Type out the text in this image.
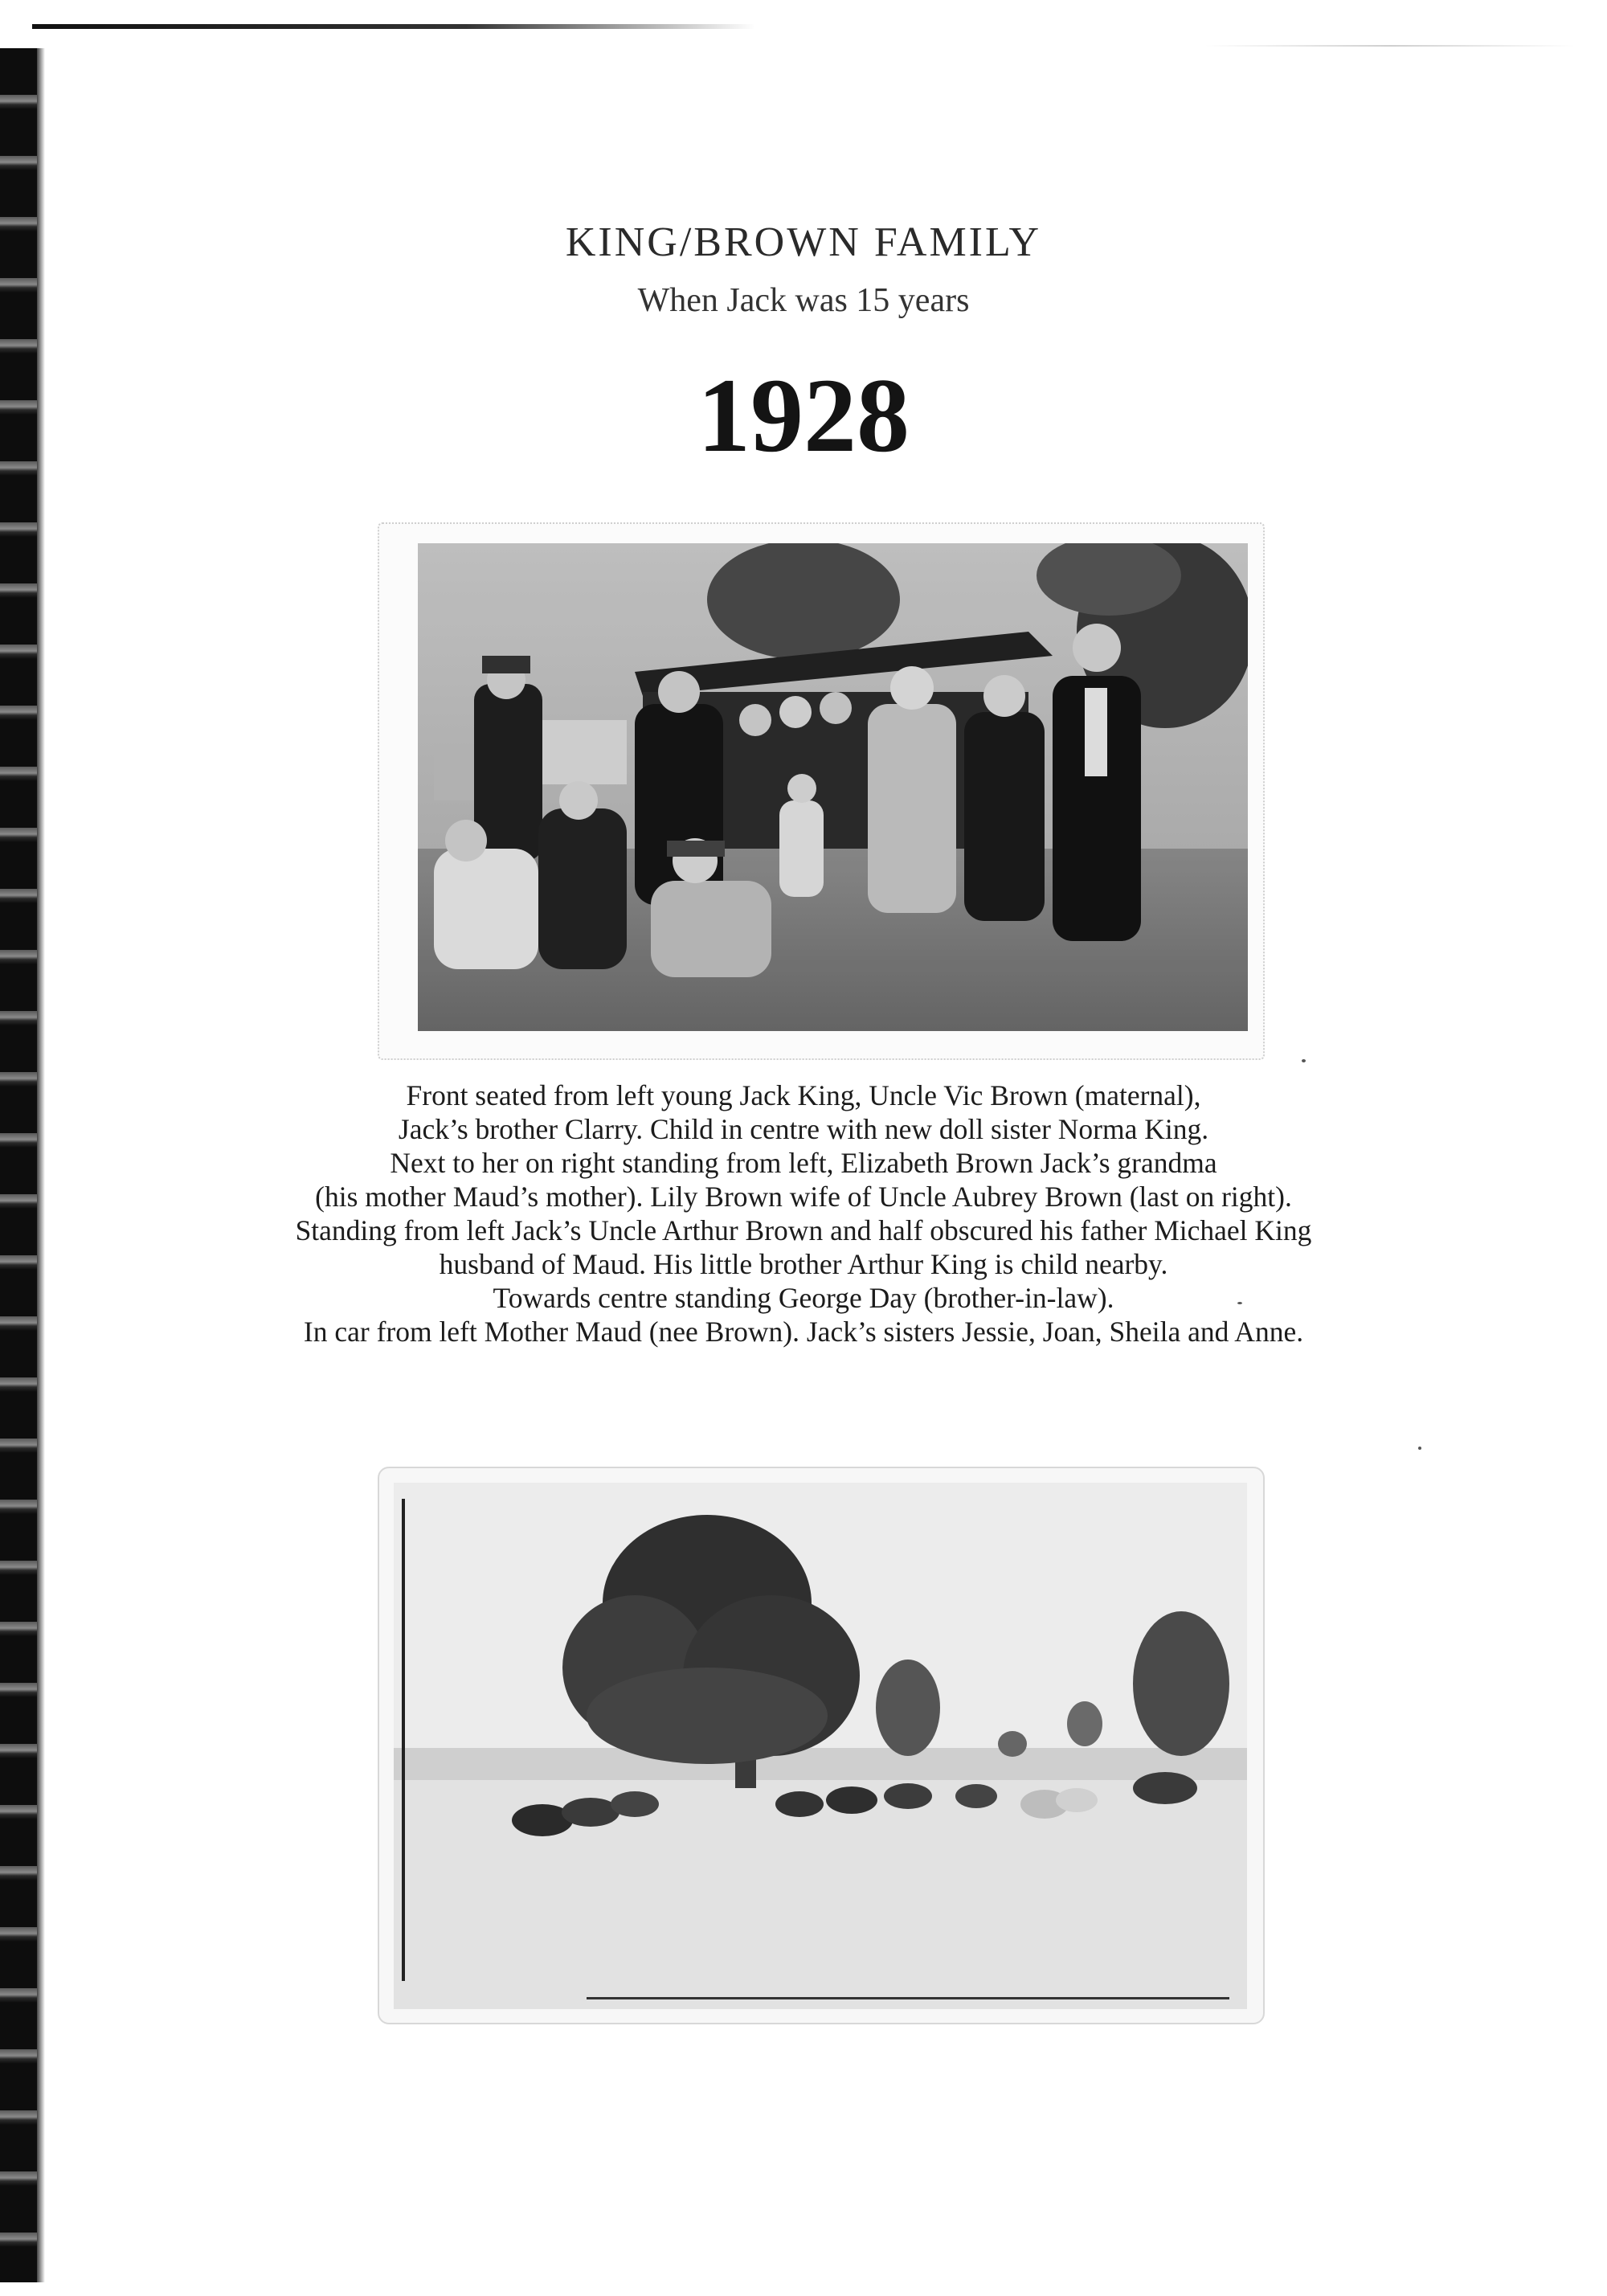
KING/BROWN FAMILY
When Jack was 15 years
1928
Front seated from left young Jack King, Uncle Vic Brown (maternal),
Jack’s brother Clarry. Child in centre with new doll sister Norma King.
Next to her on right standing from left, Elizabeth Brown Jack’s grandma
(his mother Maud’s mother). Lily Brown wife of Uncle Aubrey Brown (last on right).
Standing from left Jack’s Uncle Arthur Brown and half obscured his father Michael King
husband of Maud. His little brother Arthur King is child nearby.
Towards centre standing George Day (brother-in-law).
In car from left Mother Maud (nee Brown). Jack’s sisters Jessie, Joan, Sheila and Anne.
